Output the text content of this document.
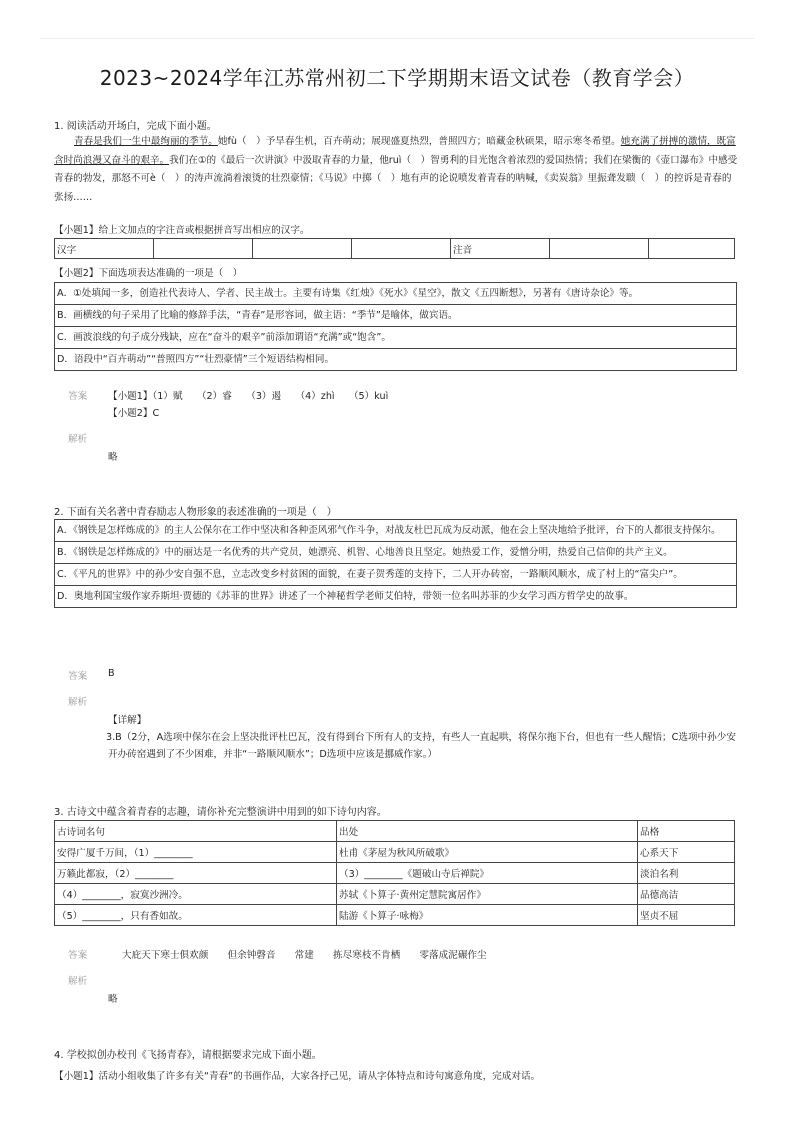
2023~2024学年江苏常州初二下学期期末语文试卷（教育学会）
1. 阅读活动开场白，完成下面小题。
青春是我们一生中最绚丽的季节。她fù（　）予旱春生机，百卉萌动；展现盛夏热烈，普照四方；暗藏金秋硕果，昭示寒冬希望。她充满了拼搏的激情，既富含时尚浪漫又奋斗的艰辛。我们在①的《最后一次讲演》中汲取青春的力量，他ruì（　）智勇利的目光饱含着浓烈的爱国热情；我们在梁衡的《壶口瀑布》中感受青春的勃发，那怒不可è（　）的涛声流淌着滚烫的壮烈豪情；《马说》中掷（　）地有声的论说喷发着青春的呐喊，《卖炭翁》里振聋发聩（　）的控诉是青春的张扬……
【小题1】给上文加点的字注音或根据拼音写出相应的汉字。
汉字				注音		
【小题2】下面选项表达准确的一项是（　）
A．①处填闻一多，创造社代表诗人、学者、民主战士。主要有诗集《红烛》《死水》《星空》，散文《五四断想》，另著有《唐诗杂论》等。
B．画横线的句子采用了比喻的修辞手法，“青春”是形容词，做主语：“季节”是喻体，做宾语。
C．画波浪线的句子成分残缺，应在“奋斗的艰辛”前添加谓语“充满”或“饱含”。
D．语段中“百卉萌动”“普照四方”“壮烈豪情”三个短语结构相同。
答案 【小题1】（1）赋　　（2）睿　　（3）遏　　（4）zhì　　（5）kuì
【小题2】C
解析
略
2. 下面有关名著中青春励志人物形象的表述准确的一项是（　）
A．《钢铁是怎样炼成的》的主人公保尔在工作中坚决和各种歪风邪气作斗争，对战友杜巴瓦成为反动派，他在会上坚决地给予批评，台下的人都很支持保尔。
B．《钢铁是怎样炼成的》中的丽达是一名优秀的共产党员，她漂亮、机智、心地善良且坚定。她热爱工作，爱憎分明，热爱自己信仰的共产主义。
C．《平凡的世界》中的孙少安自强不息，立志改变乡村贫困的面貌，在妻子贺秀莲的支持下，二人开办砖窑，一路顺风顺水，成了村上的“富尖户”。
D．奥地利国宝级作家乔斯坦·贾德的《苏菲的世界》讲述了一个神秘哲学老师艾伯特，带领一位名叫苏菲的少女学习西方哲学史的故事。
答案 B
解析
【详解】
3.B（2分，A选项中保尔在会上坚决批评杜巴瓦，没有得到台下所有人的支持，有些人一直起哄，将保尔拖下台，但也有一些人醒悟；C选项中孙少安开办砖窑遇到了不少困难，并非“一路顺风顺水”；D选项中应该是挪威作家。）
3. 古诗文中蕴含着青春的志趣，请你补充完整演讲中用到的如下诗句内容。
古诗词名句	出处	品格
安得广厦千万间，（1）________	杜甫《茅屋为秋风所破歌》	心系天下
万籁此都寂，（2）________	（3）________《题破山寺后禅院》	淡泊名利
（4）________，寂寞沙洲冷。	苏轼《卜算子·黄州定慧院寓居作》	品德高洁
（5）________，只有香如故。	陆游《卜算子·咏梅》	坚贞不屈
答案	大庇天下寒士俱欢颜　　但余钟磬音　　常建　　拣尽寒枝不肯栖　　零落成泥碾作尘
解析
略
4. 学校拟创办校刊《飞扬青春》，请根据要求完成下面小题。
【小题1】活动小组收集了许多有关“青春”的书画作品，大家各抒己见，请从字体特点和诗句寓意角度，完成对话。
